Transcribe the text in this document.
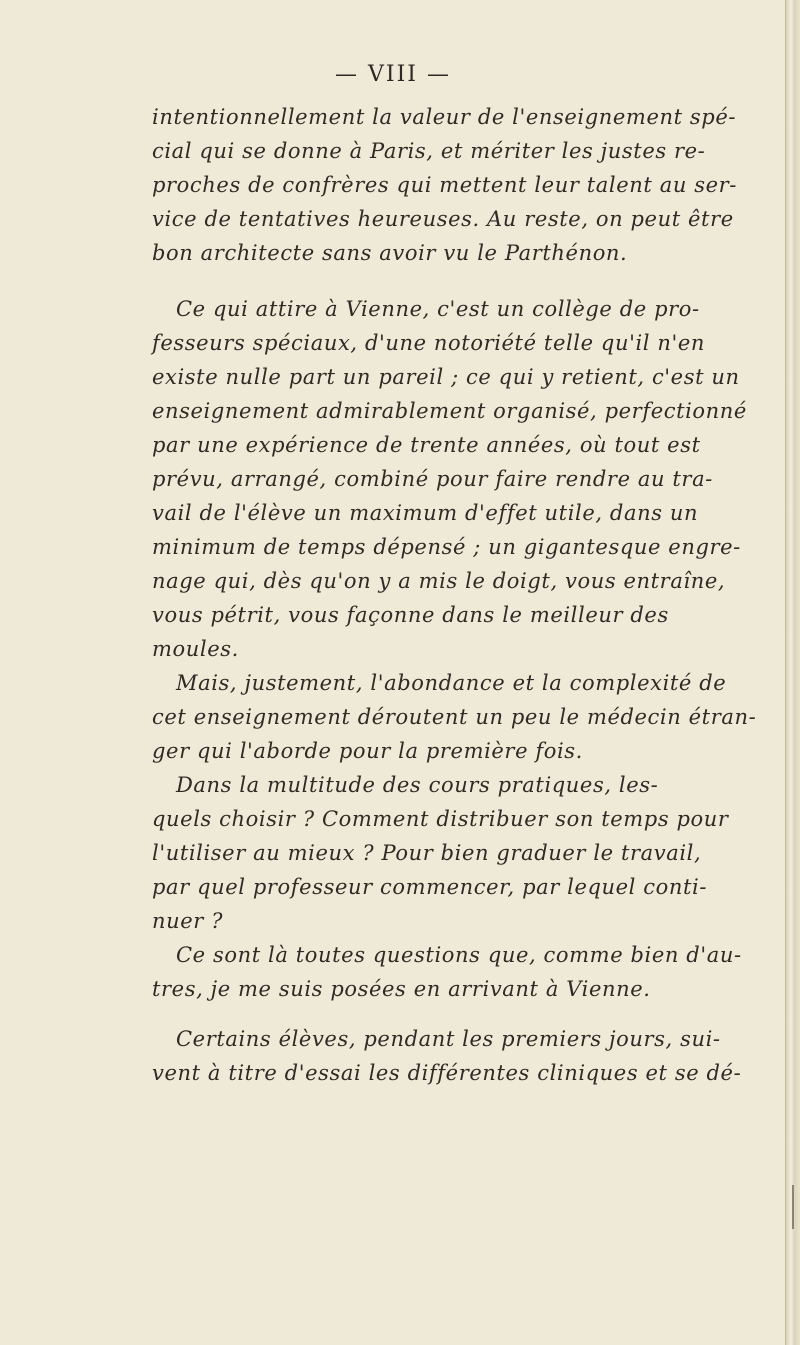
— VIII —
intentionnellement la valeur de l'enseignement spé-
cial qui se donne à Paris, et mériter les justes re-
proches de confrères qui mettent leur talent au ser-
vice de tentatives heureuses. Au reste, on peut être
bon architecte sans avoir vu le Parthénon.
Ce qui attire à Vienne, c'est un collège de pro-
fesseurs spéciaux, d'une notoriété telle qu'il n'en
existe nulle part un pareil ; ce qui y retient, c'est un
enseignement admirablement organisé, perfectionné
par une expérience de trente années, où tout est
prévu, arrangé, combiné pour faire rendre au tra-
vail de l'élève un maximum d'effet utile, dans un
minimum de temps dépensé ; un gigantesque engre-
nage qui, dès qu'on y a mis le doigt, vous entraîne,
vous pétrit, vous façonne dans le meilleur des
moules.
Mais, justement, l'abondance et la complexité de
cet enseignement déroutent un peu le médecin étran-
ger qui l'aborde pour la première fois.
Dans la multitude des cours pratiques, les-
quels choisir ? Comment distribuer son temps pour
l'utiliser au mieux ? Pour bien graduer le travail,
par quel professeur commencer, par lequel conti-
nuer ?
Ce sont là toutes questions que, comme bien d'au-
tres, je me suis posées en arrivant à Vienne.
Certains élèves, pendant les premiers jours, sui-
vent à titre d'essai les différentes cliniques et se dé-
